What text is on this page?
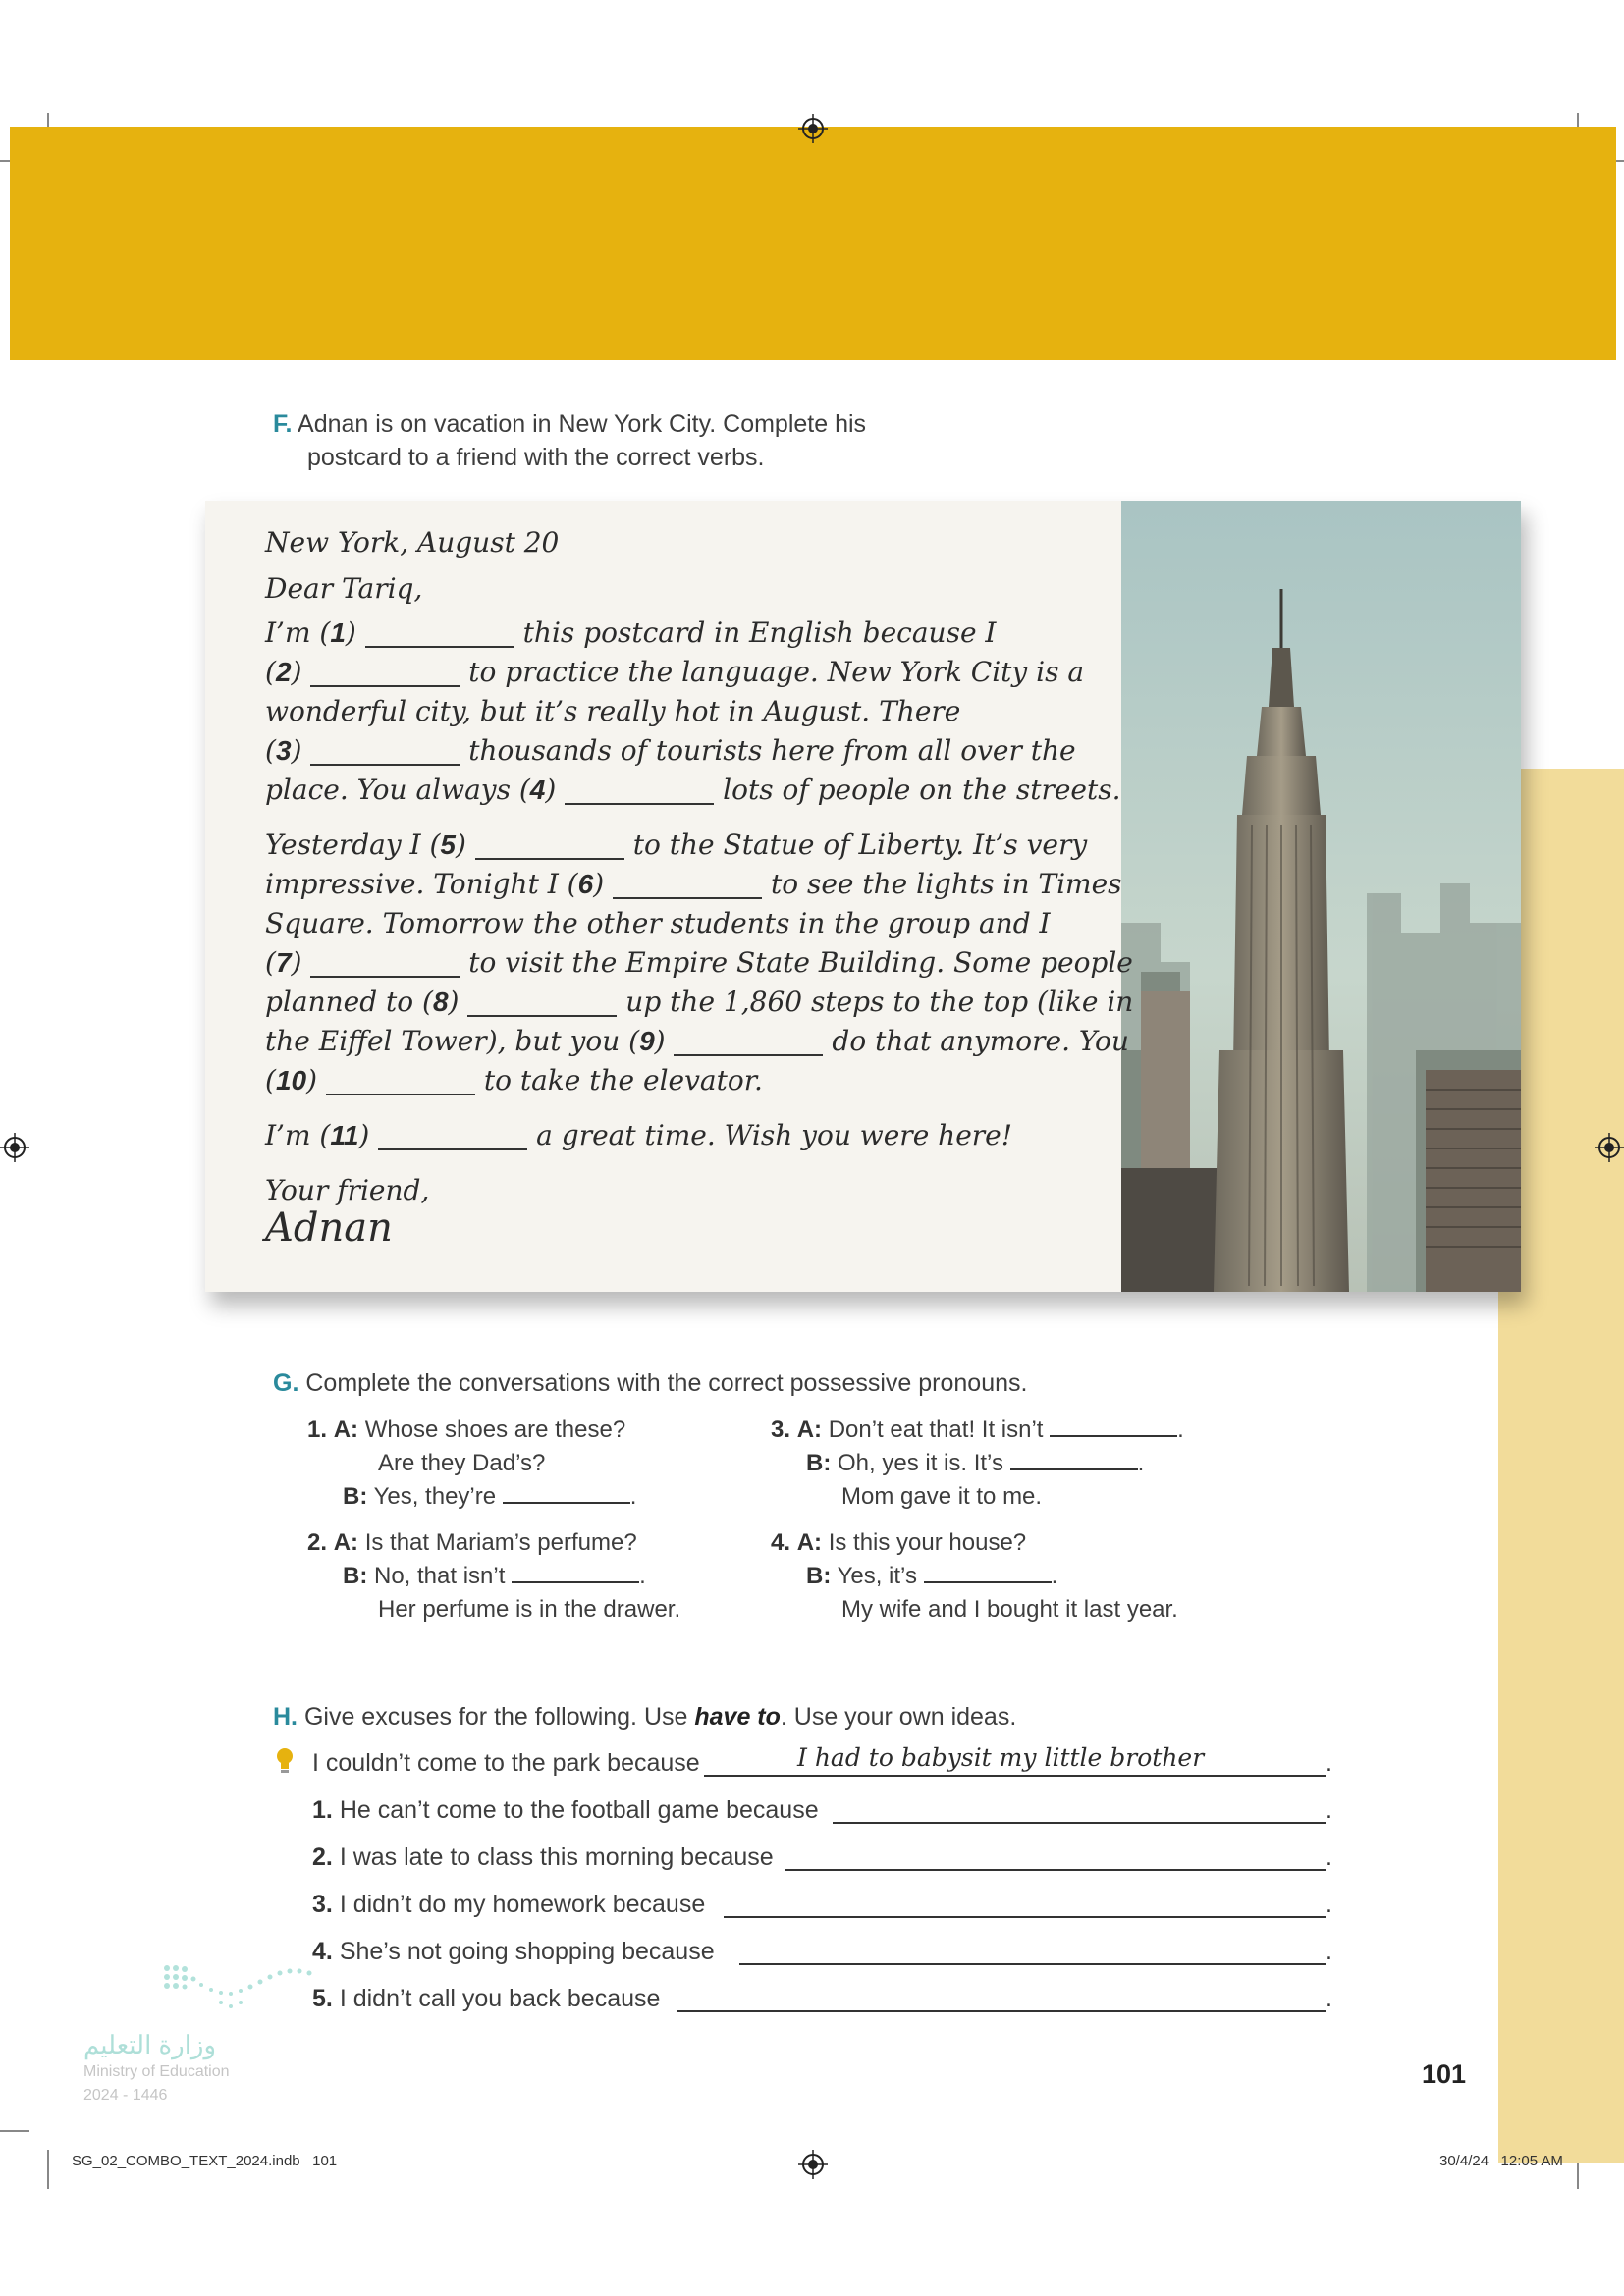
F. Adnan is on vacation in New York City. Complete his
postcard to a friend with the correct verbs.
New York, August 20
Dear Tariq,
I’m (1)	this postcard in English because I
(2)	to practice the language. New York City is a
wonderful city, but it’s really hot in August. There
(3)	thousands of tourists here from all over the
place. You always (4)	lots of people on the streets.
Yesterday I (5)	to the Statue of Liberty. It’s very
impressive. Tonight I (6)	to see the lights in Times
Square. Tomorrow the other students in the group and I
(7)	to visit the Empire State Building. Some people
planned to (8)	up the 1,860 steps to the top (like in
the Eiffel Tower), but you (9)	do that anymore. You
(10)	to take the elevator.
I’m (11)	a great time. Wish you were here!
Your friend,
Adnan
G. Complete the conversations with the correct possessive pronouns.
1. A: Whose shoes are these?
Are they Dad’s?
B: Yes, they’re	.
2. A: Is that Mariam’s perfume?
B: No, that isn’t	.
Her perfume is in the drawer.
3. A: Don’t eat that! It isn’t	.
B: Oh, yes it is. It’s	.
Mom gave it to me.
4. A: Is this your house?
B: Yes, it’s	.
My wife and I bought it last year.
H. Give excuses for the following. Use have to. Use your own ideas.
I couldn’t come to the park because	I had to babysit my little brother	.
1. He can’t come to the football game because	.
2. I was late to class this morning because	.
3. I didn’t do my homework because	.
4. She’s not going shopping because	.
5. I didn’t call you back because	.
وزارة التعليم
Ministry of Education
2024 - 1446
101
SG_02_COMBO_TEXT_2024.indb   101	30/4/24   12:05 AM
